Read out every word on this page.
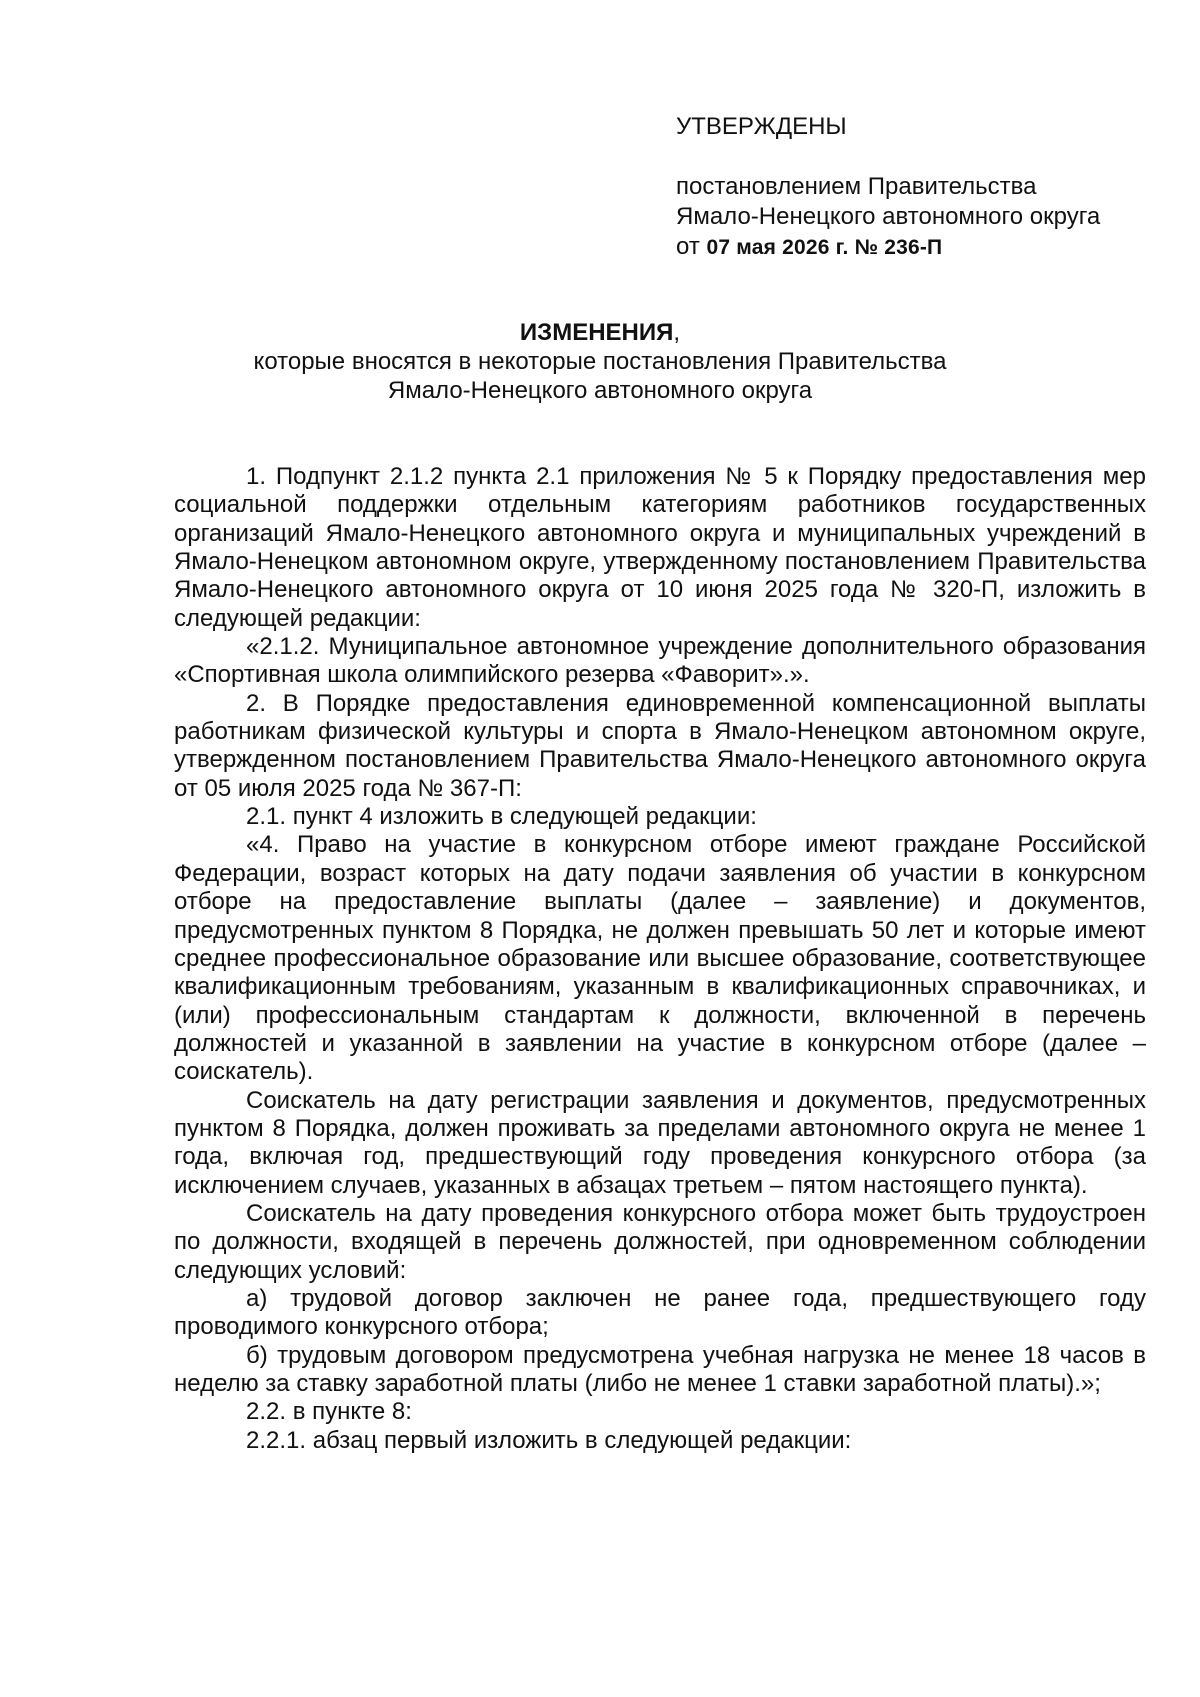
УТВЕРЖДЕНЫ
постановлением Правительства
Ямало-Ненецкого автономного округа
от 07 мая 2026 г. № 236-П
ИЗМЕНЕНИЯ,
которые вносятся в некоторые постановления Правительства
Ямало-Ненецкого автономного округа

1. Подпункт 2.1.2 пункта 2.1 приложения № 5 к Порядку предоставления мер социальной поддержки отдельным категориям работников государственных организаций Ямало-Ненецкого автономного округа и муниципальных учреждений в Ямало-Ненецком автономном округе, утвержденному постановлением Правительства Ямало-Ненецкого автономного округа от 10 июня 2025 года № 320-П, изложить в следующей редакции:

«2.1.2. Муниципальное автономное учреждение дополнительного образования «Спортивная школа олимпийского резерва «Фаворит».».

2. В Порядке предоставления единовременной компенсационной выплаты работникам физической культуры и спорта в Ямало-Ненецком автономном округе, утвержденном постановлением Правительства Ямало-Ненецкого автономного округа от 05 июля 2025 года № 367-П:

2.1. пункт 4 изложить в следующей редакции:

«4. Право на участие в конкурсном отборе имеют граждане Российской Федерации, возраст которых на дату подачи заявления об участии в конкурсном отборе на предоставление выплаты (далее – заявление) и документов, предусмотренных пунктом 8 Порядка, не должен превышать 50 лет и которые имеют среднее профессиональное образование или высшее образование, соответствующее квалификационным требованиям, указанным в квалификационных справочниках, и (или) профессиональным стандартам к должности, включенной в перечень должностей и указанной в заявлении на участие в конкурсном отборе (далее – соискатель).

Соискатель на дату регистрации заявления и документов, предусмотренных пунктом 8 Порядка, должен проживать за пределами автономного округа не менее 1 года, включая год, предшествующий году проведения конкурсного отбора (за исключением случаев, указанных в абзацах третьем – пятом настоящего пункта).

Соискатель на дату проведения конкурсного отбора может быть трудоустроен по должности, входящей в перечень должностей, при одновременном соблюдении следующих условий:

а) трудовой договор заключен не ранее года, предшествующего году проводимого конкурсного отбора;

б) трудовым договором предусмотрена учебная нагрузка не менее 18 часов в неделю за ставку заработной платы (либо не менее 1 ставки заработной платы).»;

2.2. в пункте 8:

2.2.1. абзац первый изложить в следующей редакции:
